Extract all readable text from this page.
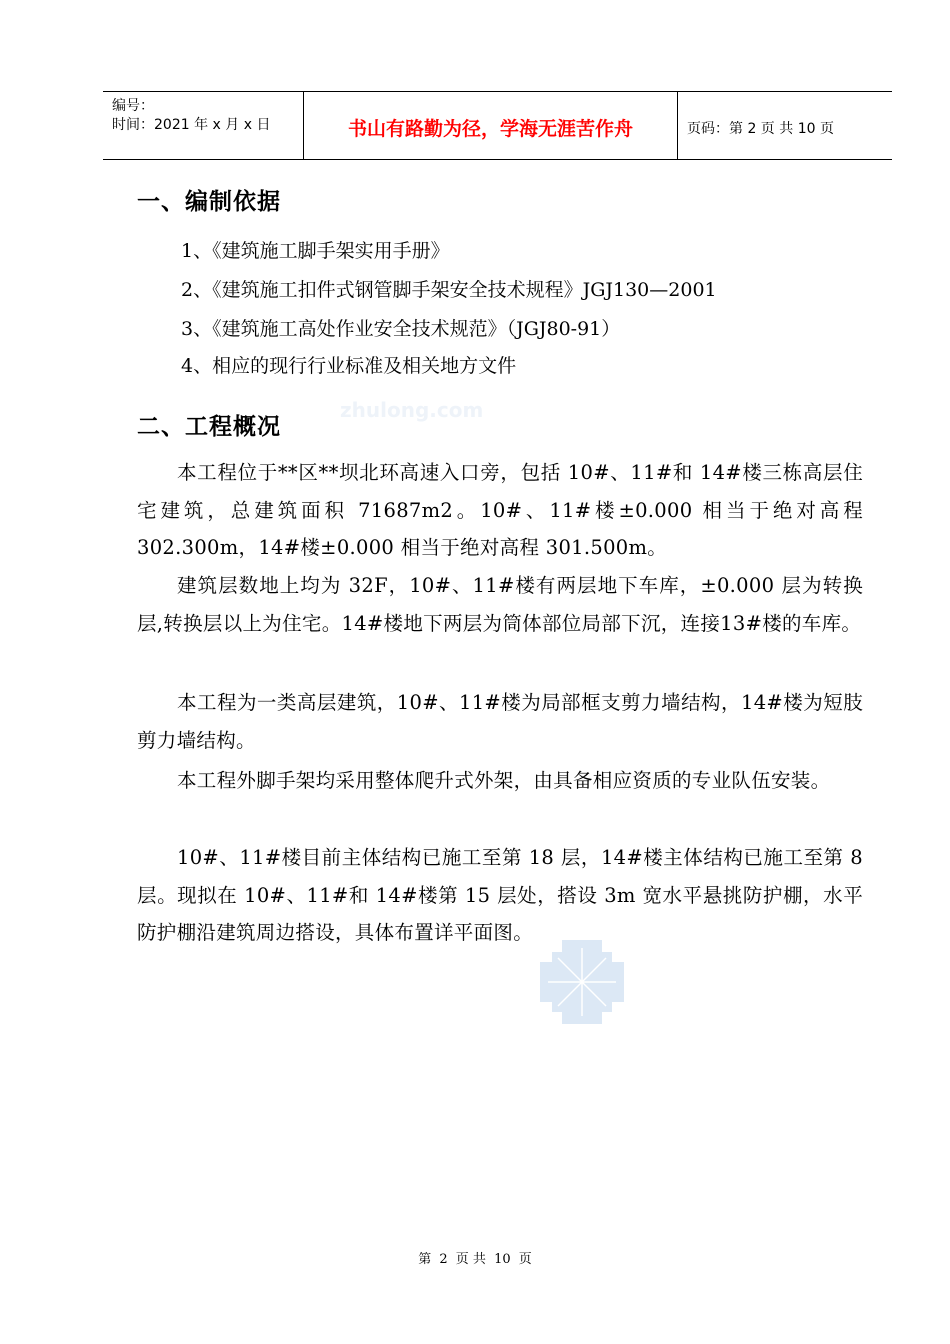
编号：
时间：2021 年 x 月 x 日	书山有路勤为径，学海无涯苦作舟	页码：第 2 页 共 10 页
zhulong.com
一、编制依据
1、《建筑施工脚手架实用手册》
2、《建筑施工扣件式钢管脚手架安全技术规程》JGJ130—2001
3、《建筑施工高处作业安全技术规范》（JGJ80-91）
4、相应的现行行业标准及相关地方文件
二、工程概况

本工程位于**区**坝北环高速入口旁，包括 10#、11#和 14#楼三栋高层住宅建筑，总建筑面积 71687m2。10#、11#楼±0.000 相当于绝对高程 302.300m，14#楼±0.000 相当于绝对高程 301.500m。

建筑层数地上均为 32F，10#、11#楼有两层地下车库，±0.000 层为转换层,转换层以上为住宅。14#楼地下两层为筒体部位局部下沉，连接13#楼的车库。

本工程为一类高层建筑，10#、11#楼为局部框支剪力墙结构，14#楼为短肢剪力墙结构。

本工程外脚手架均采用整体爬升式外架，由具备相应资质的专业队伍安装。

10#、11#楼目前主体结构已施工至第 18 层，14#楼主体结构已施工至第 8 层。现拟在 10#、11#和 14#楼第 15 层处，搭设 3m 宽水平悬挑防护棚，水平防护棚沿建筑周边搭设，具体布置详平面图。

第 2 页 共 10 页
